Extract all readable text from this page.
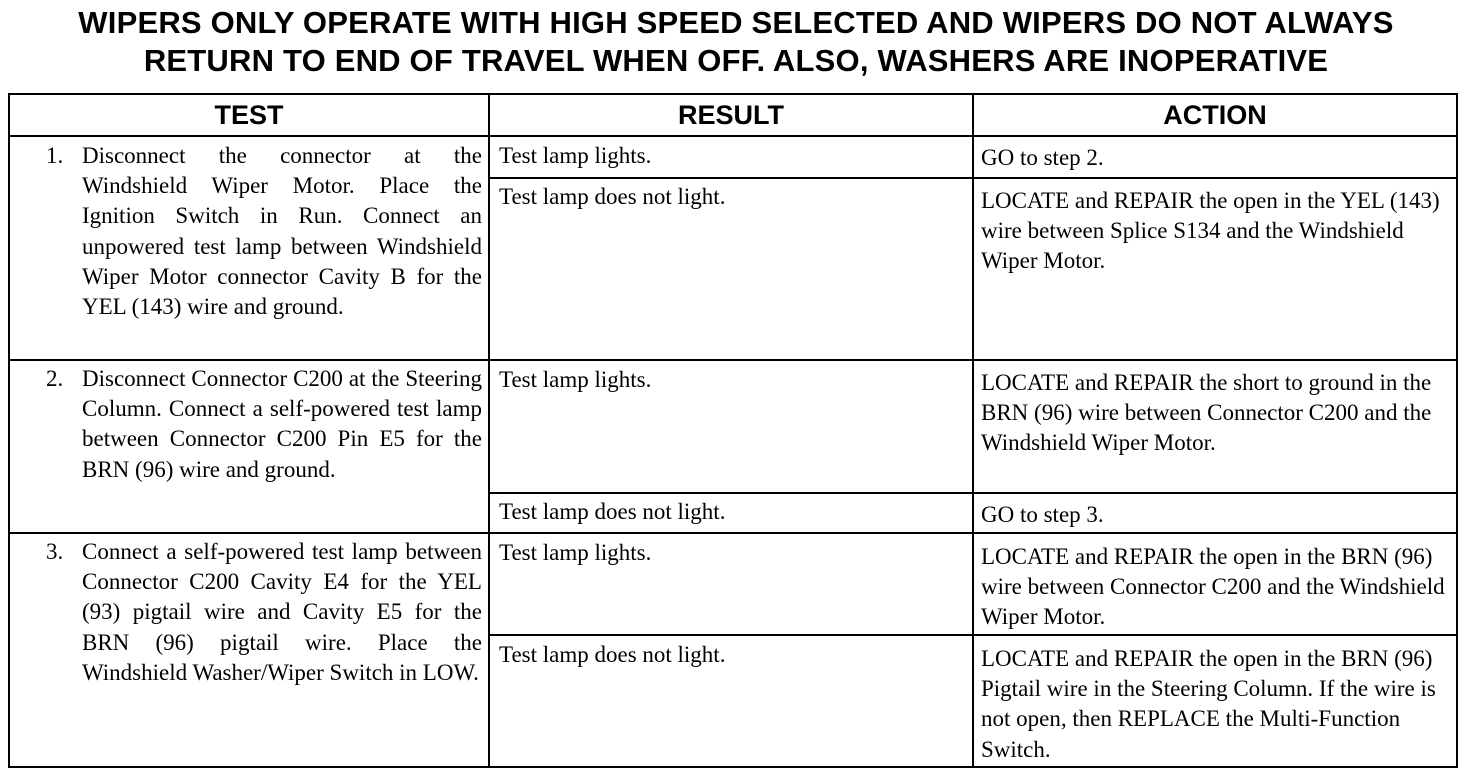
WIPERS ONLY OPERATE WITH HIGH SPEED SELECTED AND WIPERS DO NOT ALWAYS
RETURN TO END OF TRAVEL WHEN OFF. ALSO, WASHERS ARE INOPERATIVE
TEST	RESULT	ACTION
1. Disconnect the connector at the Windshield Wiper Motor. Place the Ignition Switch in Run. Connect an unpowered test lamp between Windshield Wiper Motor connector Cavity B for the YEL (143) wire and ground.
Test lamp lights.	GO to step 2.
Test lamp does not light.	LOCATE and REPAIR the open in the YEL (143) wire between Splice S134 and the Windshield Wiper Motor.
2. Disconnect Connector C200 at the Steering Column. Connect a self-powered test lamp between Connector C200 Pin E5 for the BRN (96) wire and ground.
Test lamp lights.	LOCATE and REPAIR the short to ground in the BRN (96) wire between Connector C200 and the Windshield Wiper Motor.
Test lamp does not light.	GO to step 3.
3. Connect a self-powered test lamp between Connector C200 Cavity E4 for the YEL (93) pigtail wire and Cavity E5 for the BRN (96) pigtail wire. Place the Windshield Washer/Wiper Switch in LOW.
Test lamp lights.	LOCATE and REPAIR the open in the BRN (96) wire between Connector C200 and the Windshield Wiper Motor.
Test lamp does not light.	LOCATE and REPAIR the open in the BRN (96) Pigtail wire in the Steering Column. If the wire is not open, then REPLACE the Multi-Function Switch.
